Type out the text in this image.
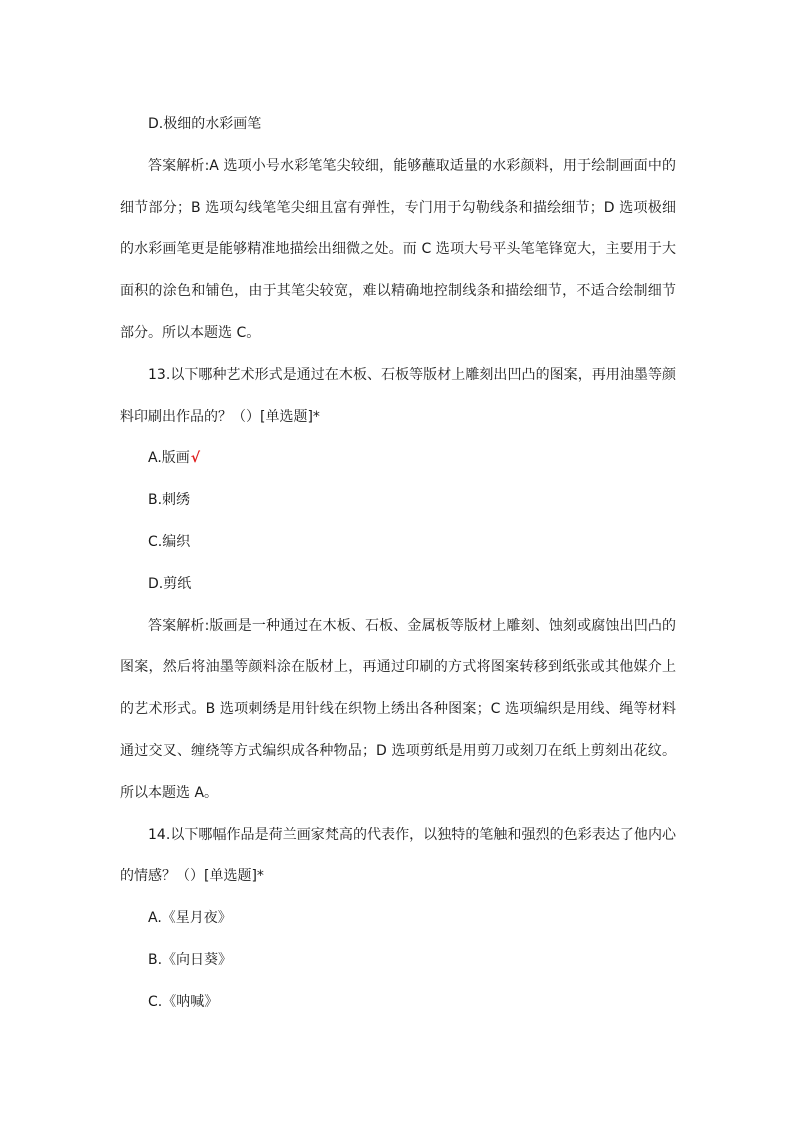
D.极细的水彩画笔

答案解析:A 选项小号水彩笔笔尖较细，能够蘸取适量的水彩颜料，用于绘制画面中的细节部分；B 选项勾线笔笔尖细且富有弹性，专门用于勾勒线条和描绘细节；D 选项极细的水彩画笔更是能够精准地描绘出细微之处。而 C 选项大号平头笔笔锋宽大，主要用于大面积的涂色和铺色，由于其笔尖较宽，难以精确地控制线条和描绘细节，不适合绘制细节部分。所以本题选 C。

13.以下哪种艺术形式是通过在木板、石板等版材上雕刻出凹凸的图案，再用油墨等颜料印刷出作品的？（）[单选题]*

A.版画√

B.刺绣

C.编织

D.剪纸

答案解析:版画是一种通过在木板、石板、金属板等版材上雕刻、蚀刻或腐蚀出凹凸的图案，然后将油墨等颜料涂在版材上，再通过印刷的方式将图案转移到纸张或其他媒介上的艺术形式。B 选项刺绣是用针线在织物上绣出各种图案；C 选项编织是用线、绳等材料通过交叉、缠绕等方式编织成各种物品；D 选项剪纸是用剪刀或刻刀在纸上剪刻出花纹。所以本题选 A。

14.以下哪幅作品是荷兰画家梵高的代表作，以独特的笔触和强烈的色彩表达了他内心的情感？（）[单选题]*

A.《星月夜》

B.《向日葵》

C.《呐喊》
